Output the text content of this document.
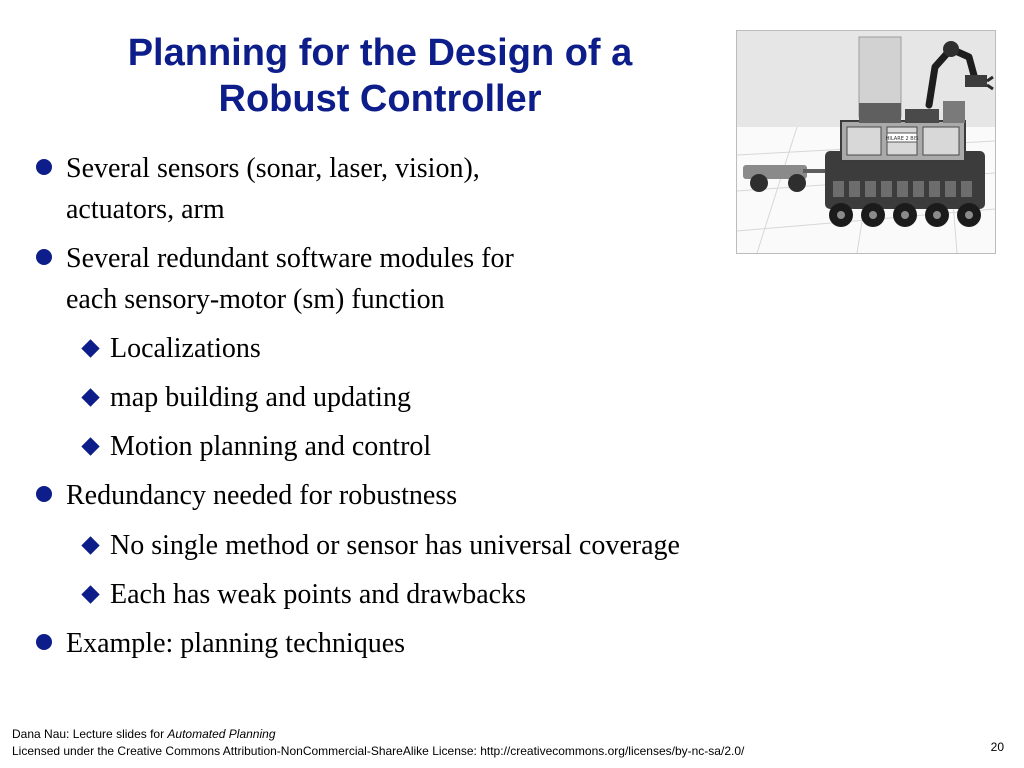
Planning for the Design of a
Robust Controller
HILARE 2 BIS
Several sensors (sonar, laser, vision),
actuators, arm
Several redundant software modules for
each sensory-motor (sm) function
Localizations
map building and updating
Motion planning and control
Redundancy needed for robustness
No single method or sensor has universal coverage
Each has weak points and drawbacks
Example: planning techniques
Dana Nau: Lecture slides for Automated Planning
Licensed under the Creative Commons Attribution-NonCommercial-ShareAlike License: http://creativecommons.org/licenses/by-nc-sa/2.0/	20
